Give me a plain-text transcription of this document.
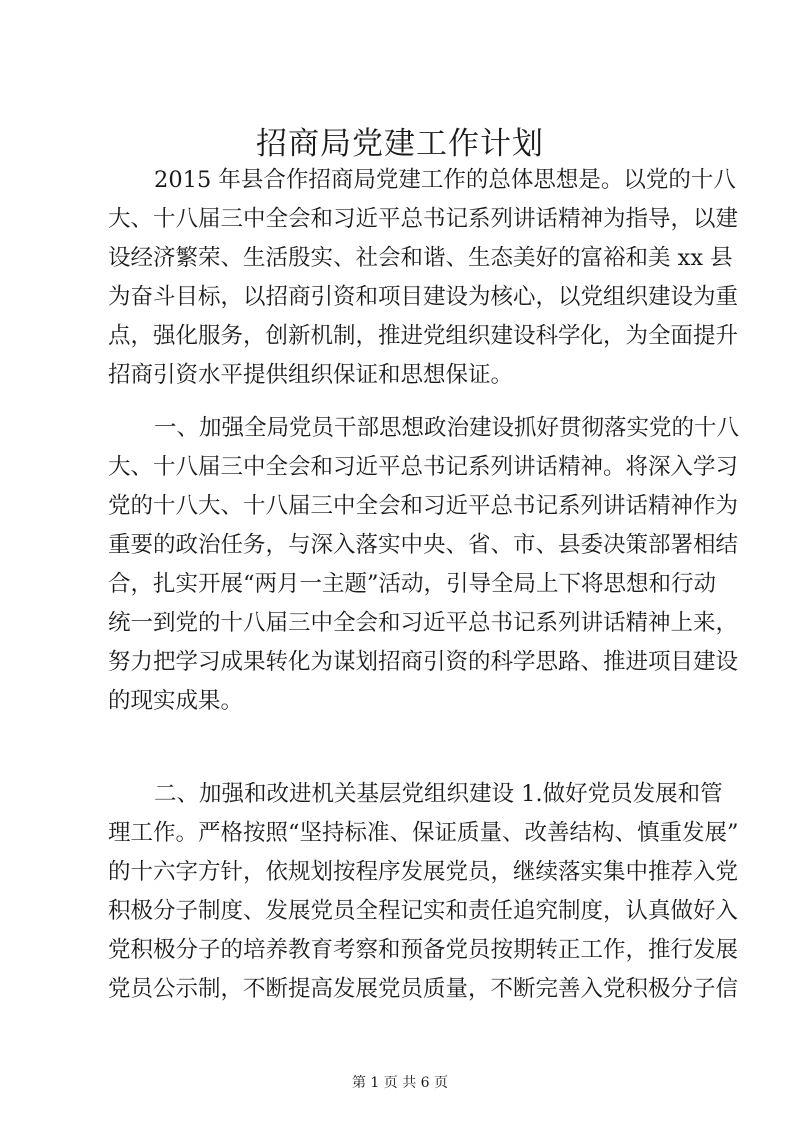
招商局党建工作计划
2015 年县合作招商局党建工作的总体思想是。以党的十八
大、十八届三中全会和习近平总书记系列讲话精神为指导，以建
设经济繁荣、生活殷实、社会和谐、生态美好的富裕和美 xx 县
为奋斗目标，以招商引资和项目建设为核心，以党组织建设为重
点，强化服务，创新机制，推进党组织建设科学化，为全面提升
招商引资水平提供组织保证和思想保证。
一、加强全局党员干部思想政治建设抓好贯彻落实党的十八
大、十八届三中全会和习近平总书记系列讲话精神。将深入学习
党的十八大、十八届三中全会和习近平总书记系列讲话精神作为
重要的政治任务，与深入落实中央、省、市、县委决策部署相结
合，扎实开展“两月一主题”活动，引导全局上下将思想和行动
统一到党的十八届三中全会和习近平总书记系列讲话精神上来，
努力把学习成果转化为谋划招商引资的科学思路、推进项目建设
的现实成果。
二、加强和改进机关基层党组织建设 1.做好党员发展和管
理工作。严格按照“坚持标准、保证质量、改善结构、慎重发展”
的十六字方针，依规划按程序发展党员，继续落实集中推荐入党
积极分子制度、发展党员全程记实和责任追究制度，认真做好入
党积极分子的培养教育考察和预备党员按期转正工作，推行发展
党员公示制，不断提高发展党员质量，不断完善入党积极分子信
第 1 页 共 6 页
